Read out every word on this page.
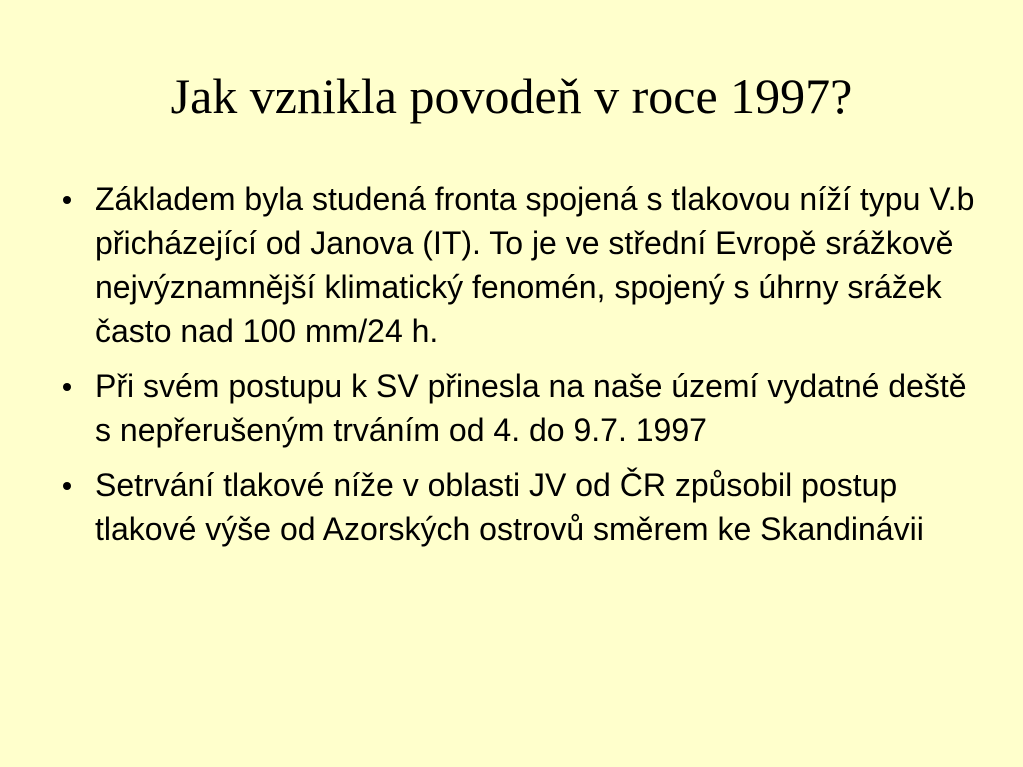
Jak vznikla povodeň v roce 1997?
Základem byla studená fronta spojená s tlakovou níží typu V.b přicházející od Janova (IT). To je ve střední Evropě srážkově nejvýznamnější klimatický fenomén, spojený s úhrny srážek často nad 100 mm/24 h.
Při svém postupu k SV přinesla na naše území vydatné deště s nepřerušeným trváním od 4. do 9.7. 1997
Setrvání tlakové níže v oblasti JV od ČR způsobil postup tlakové výše od Azorských ostrovů směrem ke Skandinávii
